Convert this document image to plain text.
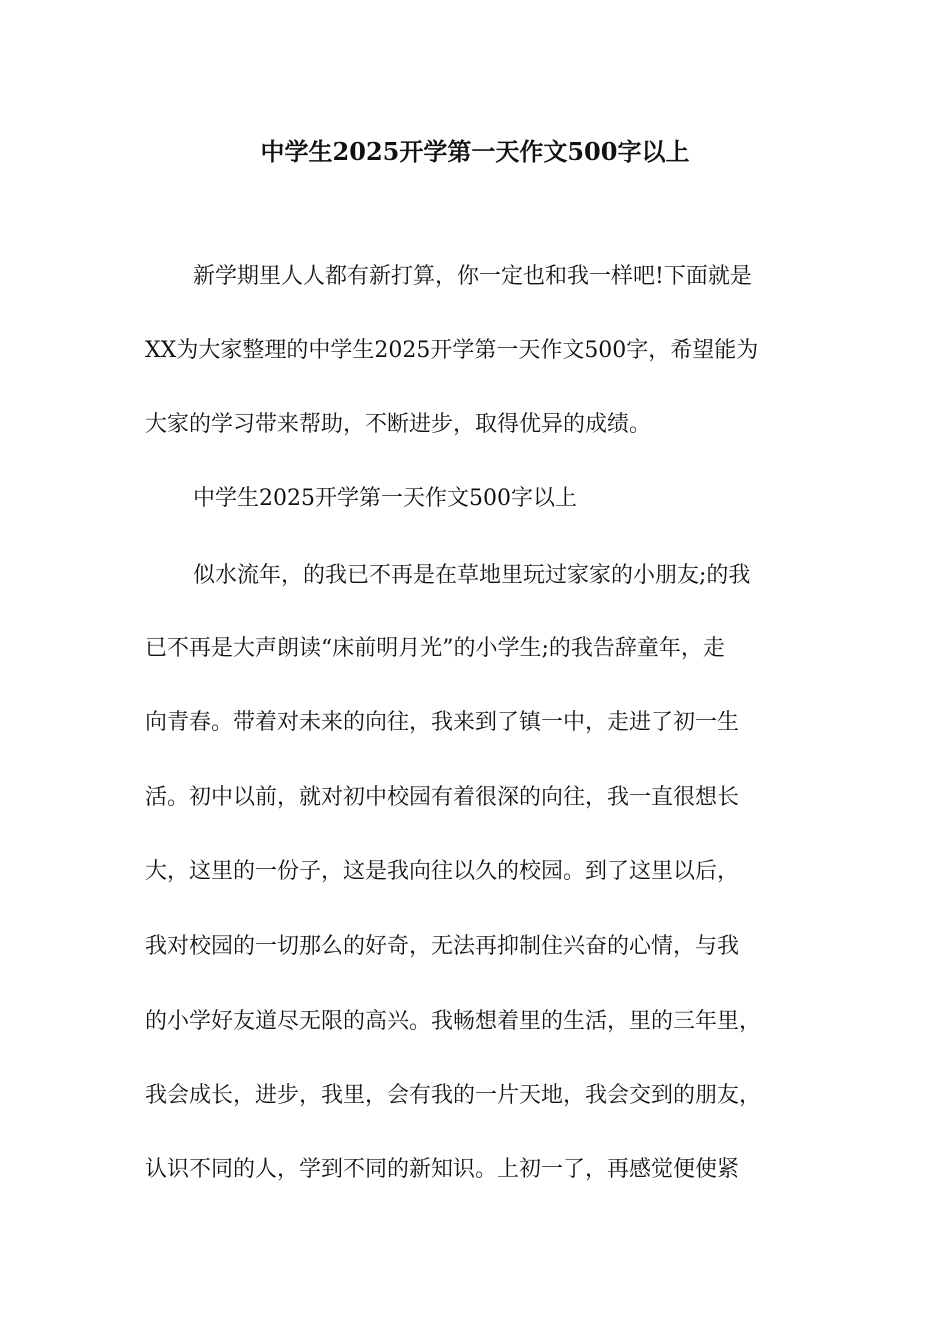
中学生2025开学第一天作文500字以上

新学期里人人都有新打算，你一定也和我一样吧!下面就是

XX为大家整理的中学生2025开学第一天作文500字，希望能为

大家的学习带来帮助，不断进步，取得优异的成绩。

中学生2025开学第一天作文500字以上

似水流年，的我已不再是在草地里玩过家家的小朋友;的我

已不再是大声朗读“床前明月光”的小学生;的我告辞童年，走

向青春。带着对未来的向往，我来到了镇一中，走进了初一生

活。初中以前，就对初中校园有着很深的向往，我一直很想长

大，这里的一份子，这是我向往以久的校园。到了这里以后，

我对校园的一切那么的好奇，无法再抑制住兴奋的心情，与我

的小学好友道尽无限的高兴。我畅想着里的生活，里的三年里，

我会成长，进步，我里，会有我的一片天地，我会交到的朋友，

认识不同的人，学到不同的新知识。上初一了，再感觉便使紧
